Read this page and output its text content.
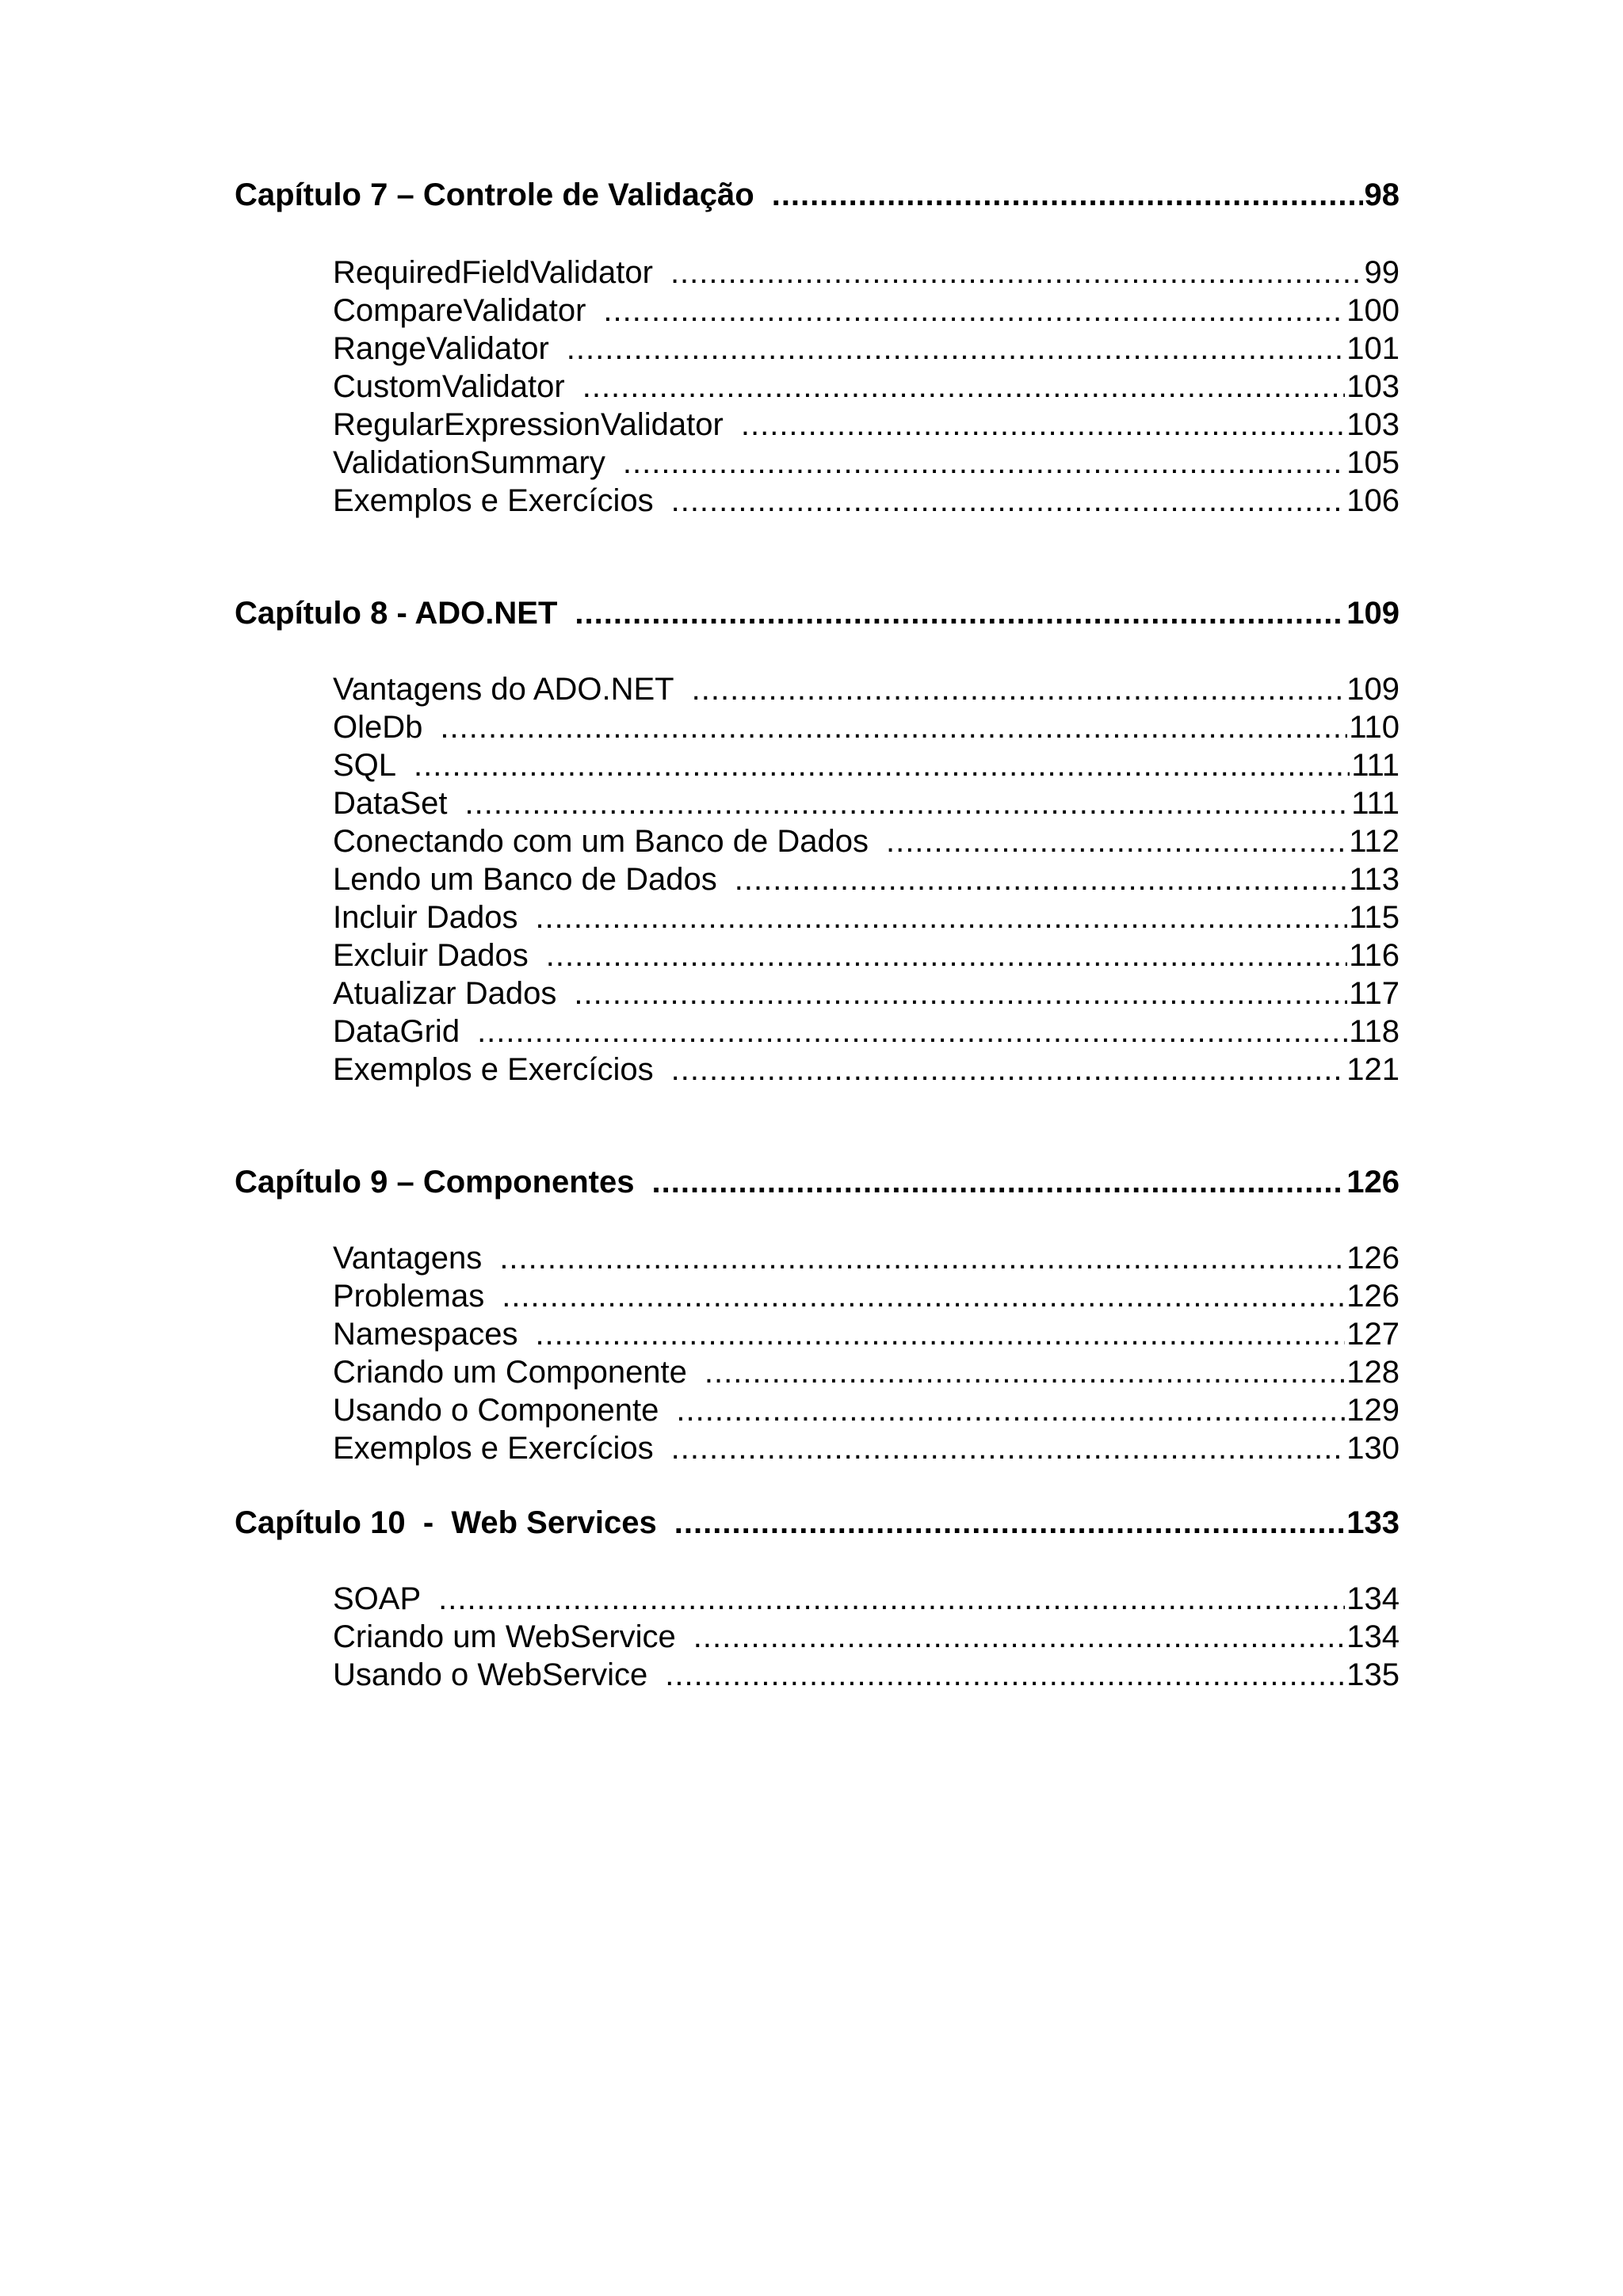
Capítulo 7 – Controle de Validação .....	98
RequiredFieldValidator .....	99
CompareValidator .....	100
RangeValidator .....	101
CustomValidator .....	103
RegularExpressionValidator .....	103
ValidationSummary .....	105
Exemplos e Exercícios .....	106
Capítulo 8 - ADO.NET .....	109
Vantagens do ADO.NET .....	109
OleDb .....	110
SQL .....	111
DataSet .....	111
Conectando com um Banco de Dados .....	112
Lendo um Banco de Dados .....	113
Incluir Dados .....	115
Excluir Dados .....	116
Atualizar Dados .....	117
DataGrid .....	118
Exemplos e Exercícios .....	121
Capítulo 9 – Componentes .....	126
Vantagens .....	126
Problemas .....	126
Namespaces .....	127
Criando um Componente .....	128
Usando o Componente .....	129
Exemplos e Exercícios .....	130
Capítulo 10  -  Web Services .....	133
SOAP .....	134
Criando um WebService .....	134
Usando o WebService .....	135
